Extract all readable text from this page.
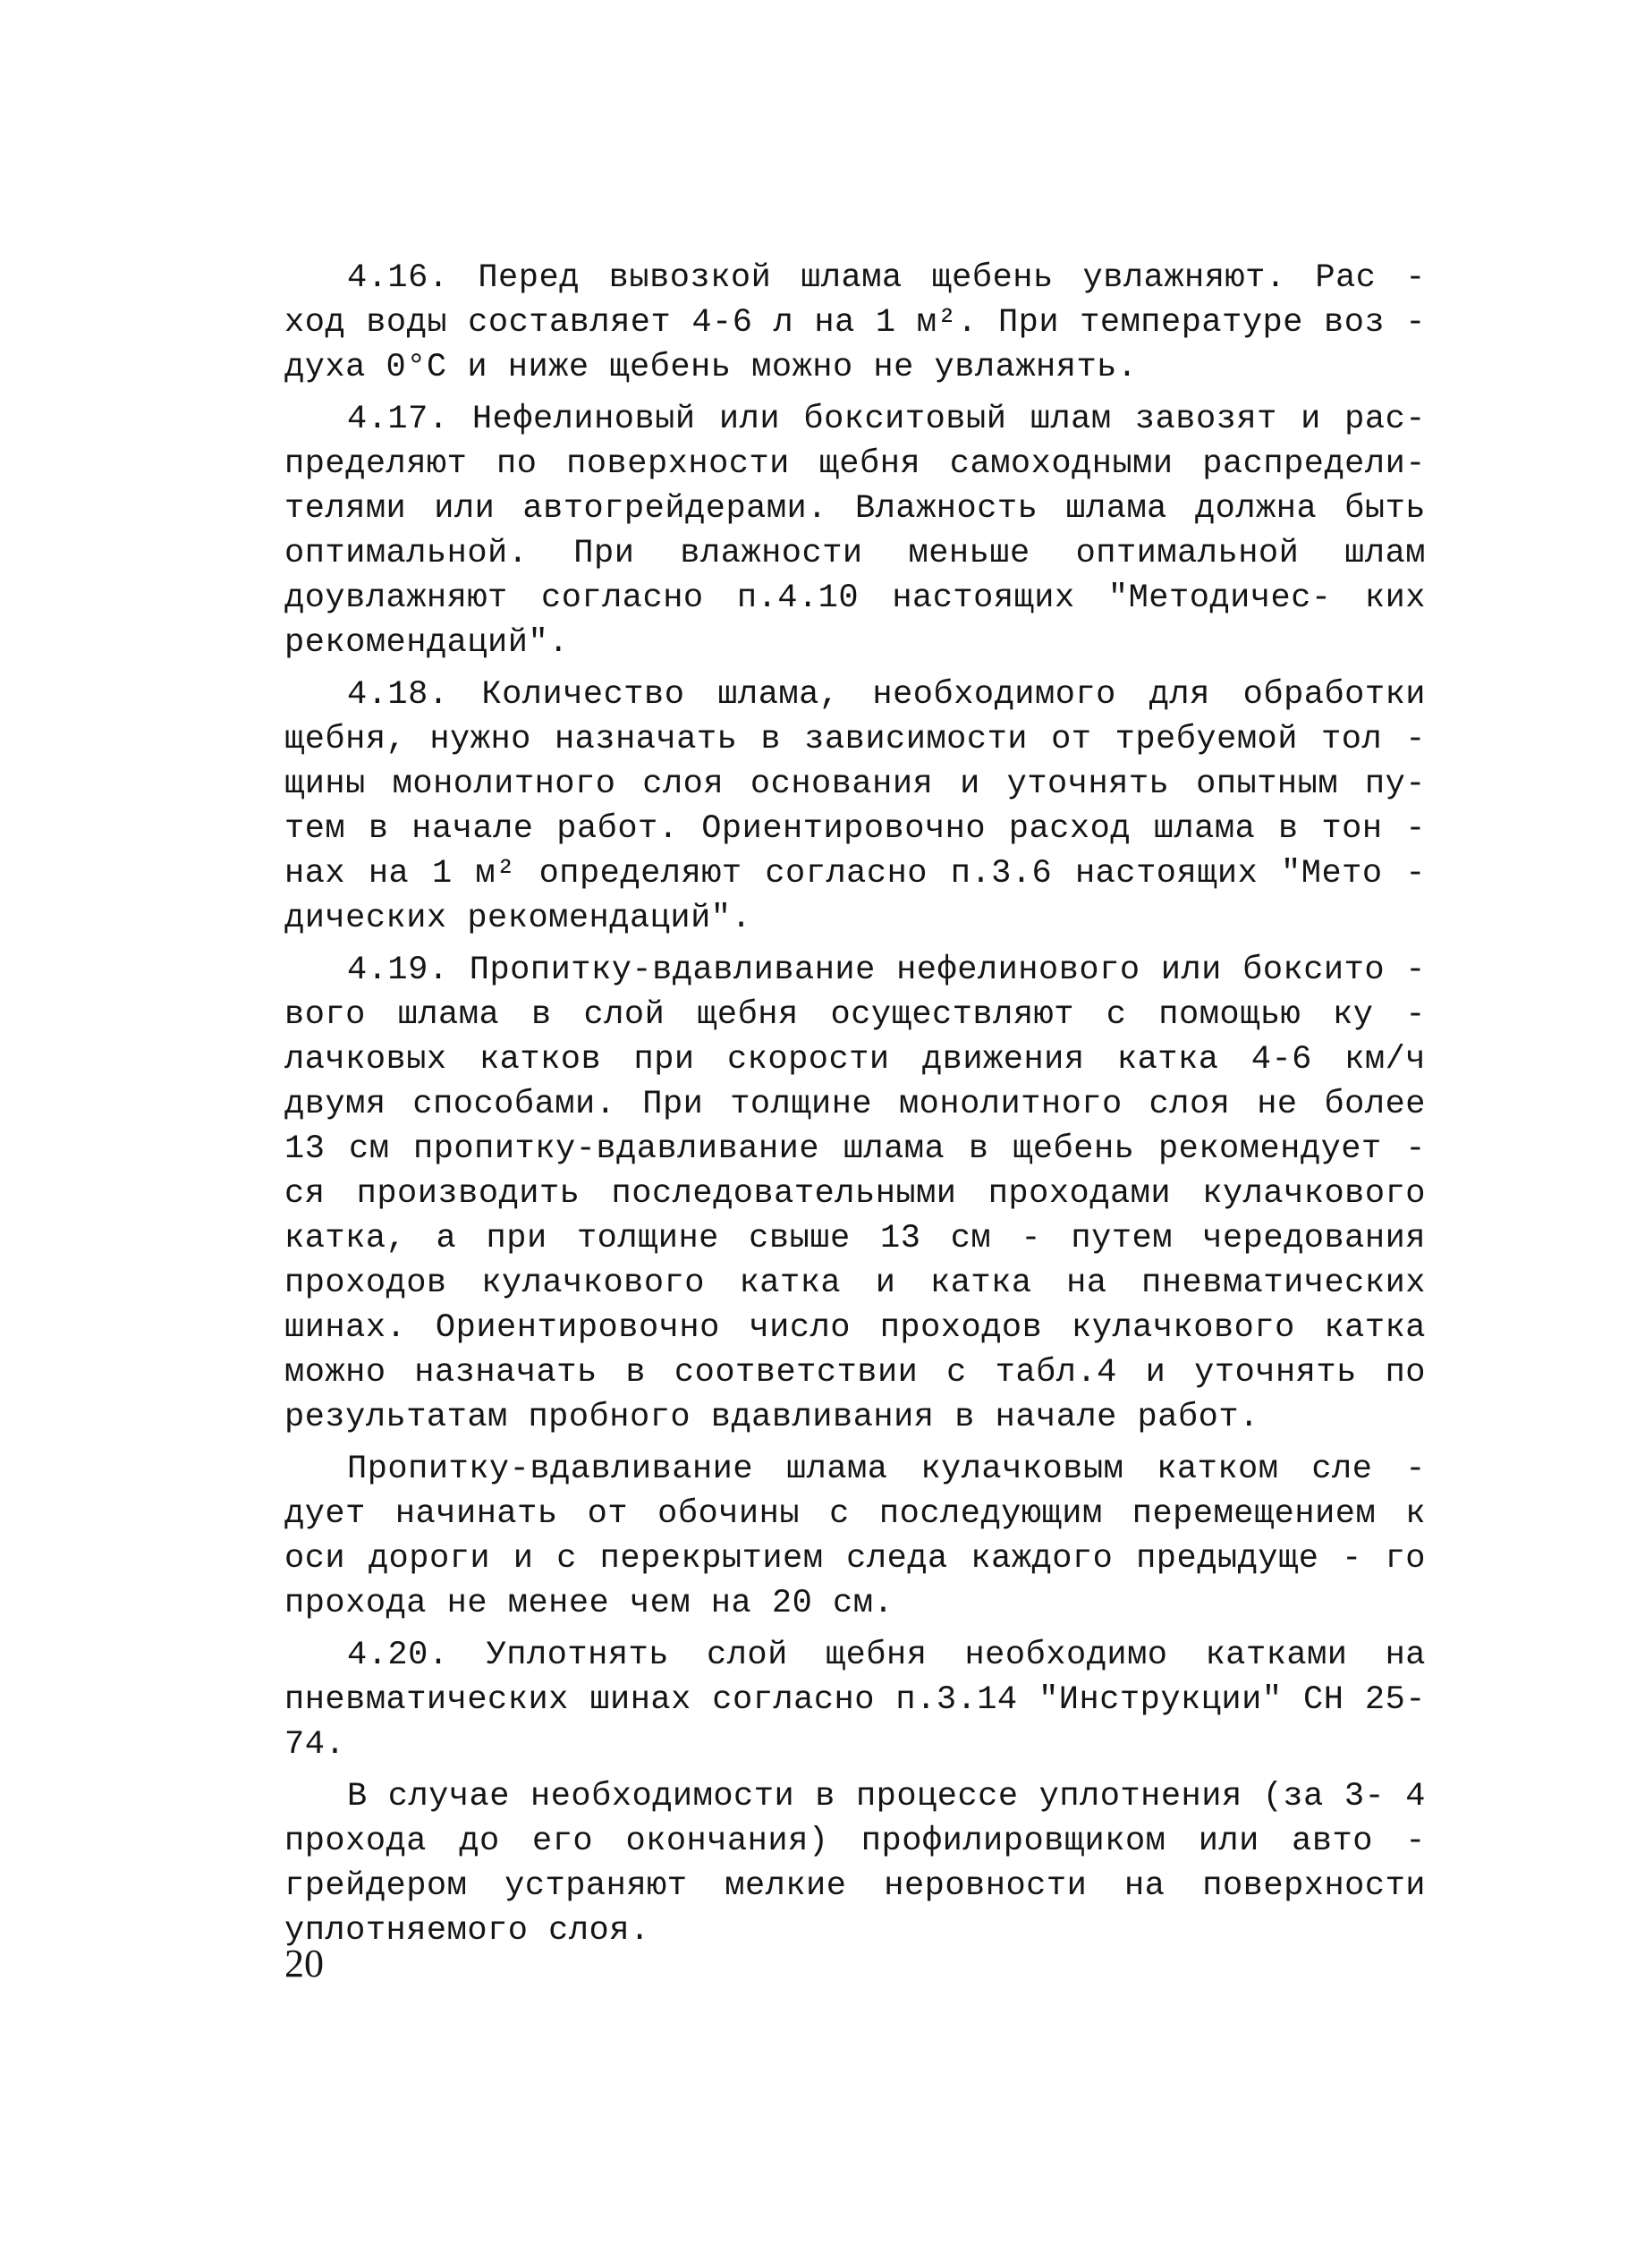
4.16. Перед вывозкой шлама щебень увлажняют. Рас - ход воды составляет 4-6 л на 1 м². При температуре воз - духа 0°С и ниже щебень можно не увлажнять.

4.17. Нефелиновый или бокситовый шлам завозят и рас- пределяют по поверхности щебня самоходными распредели- телями или автогрейдерами. Влажность шлама должна быть оптимальной. При влажности меньше оптимальной шлам доувлажняют согласно п.4.10 настоящих "Методичес- ких рекомендаций".

4.18. Количество шлама, необходимого для обработки щебня, нужно назначать в зависимости от требуемой тол - щины монолитного слоя основания и уточнять опытным пу- тем в начале работ. Ориентировочно расход шлама в тон - нах на 1 м² определяют согласно п.3.6 настоящих "Мето - дических рекомендаций".

4.19. Пропитку-вдавливание нефелинового или боксито - вого шлама в слой щебня осуществляют с помощью ку - лачковых катков при скорости движения катка 4-6 км/ч двумя способами. При толщине монолитного слоя не более 13 см пропитку-вдавливание шлама в щебень рекомендует - ся производить последовательными проходами кулачкового катка, а при толщине свыше 13 см - путем чередования проходов кулачкового катка и катка на пневматических шинах. Ориентировочно число проходов кулачкового катка можно назначать в соответствии с табл.4 и уточнять по результатам пробного вдавливания в начале работ.

Пропитку-вдавливание шлама кулачковым катком сле - дует начинать от обочины с последующим перемещением к оси дороги и с перекрытием следа каждого предыдуще - го прохода не менее чем на 20 см.

4.20. Уплотнять слой щебня необходимо катками на пневматических шинах согласно п.3.14 "Инструкции" СН 25-74.

В случае необходимости в процессе уплотнения (за 3- 4 прохода до его окончания) профилировщиком или авто - грейдером устраняют мелкие неровности на поверхности уплотняемого слоя.

20
